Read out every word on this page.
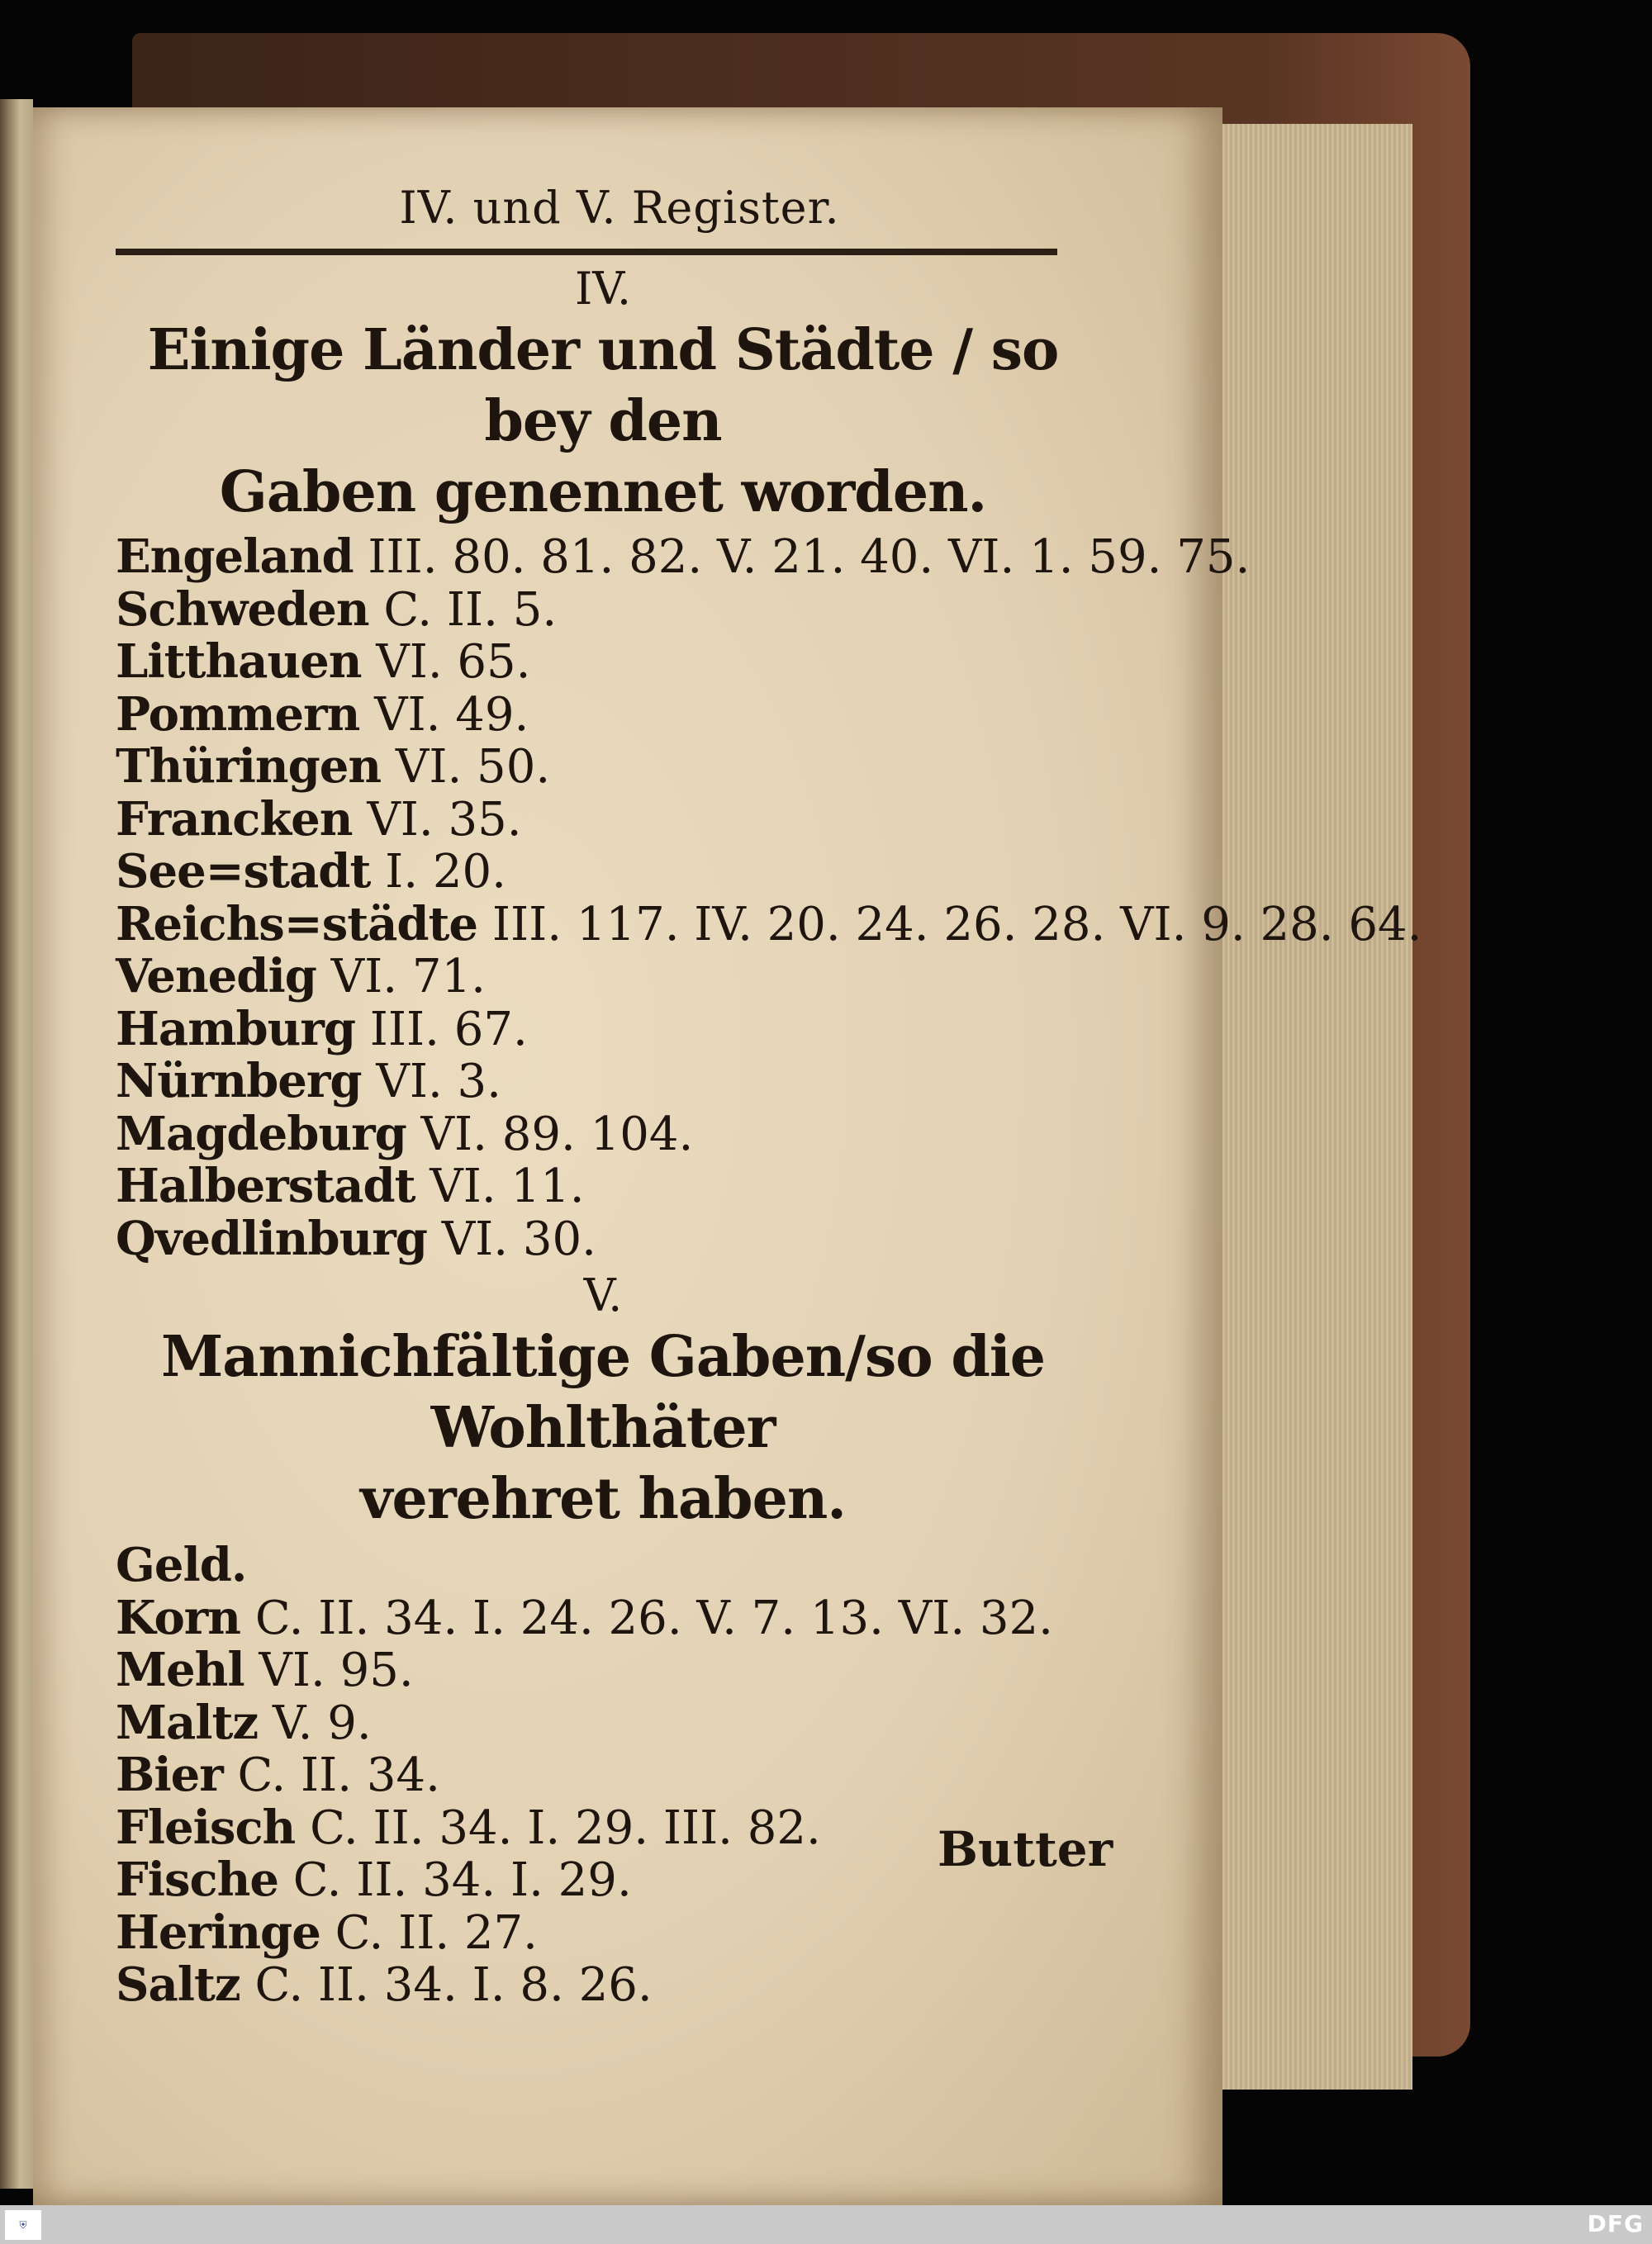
IV. und V. Register.
IV.
Einige Länder und Städte / so bey den
Gaben genennet worden.
Engeland III. 80. 81. 82. V. 21. 40. VI. 1. 59. 75.
Schweden C. II. 5.
Litthauen VI. 65.
Pommern VI. 49.
Thüringen VI. 50.
Francken VI. 35.
See=stadt I. 20.
Reichs=städte III. 117. IV. 20. 24. 26. 28. VI. 9. 28. 64.
Venedig VI. 71.
Hamburg III. 67.
Nürnberg VI. 3.
Magdeburg VI. 89. 104.
Halberstadt VI. 11.
Qvedlinburg VI. 30.
V.
Mannichfältige Gaben/so die Wohlthäter
verehret haben.
Geld.
Korn C. II. 34. I. 24. 26. V. 7. 13. VI. 32.
Mehl VI. 95.
Maltz V. 9.
Bier C. II. 34.
Fleisch C. II. 34. I. 29. III. 82.
Fische C. II. 34. I. 29.
Heringe C. II. 27.
Saltz C. II. 34. I. 8. 26.
Butter
⛨	DFG
